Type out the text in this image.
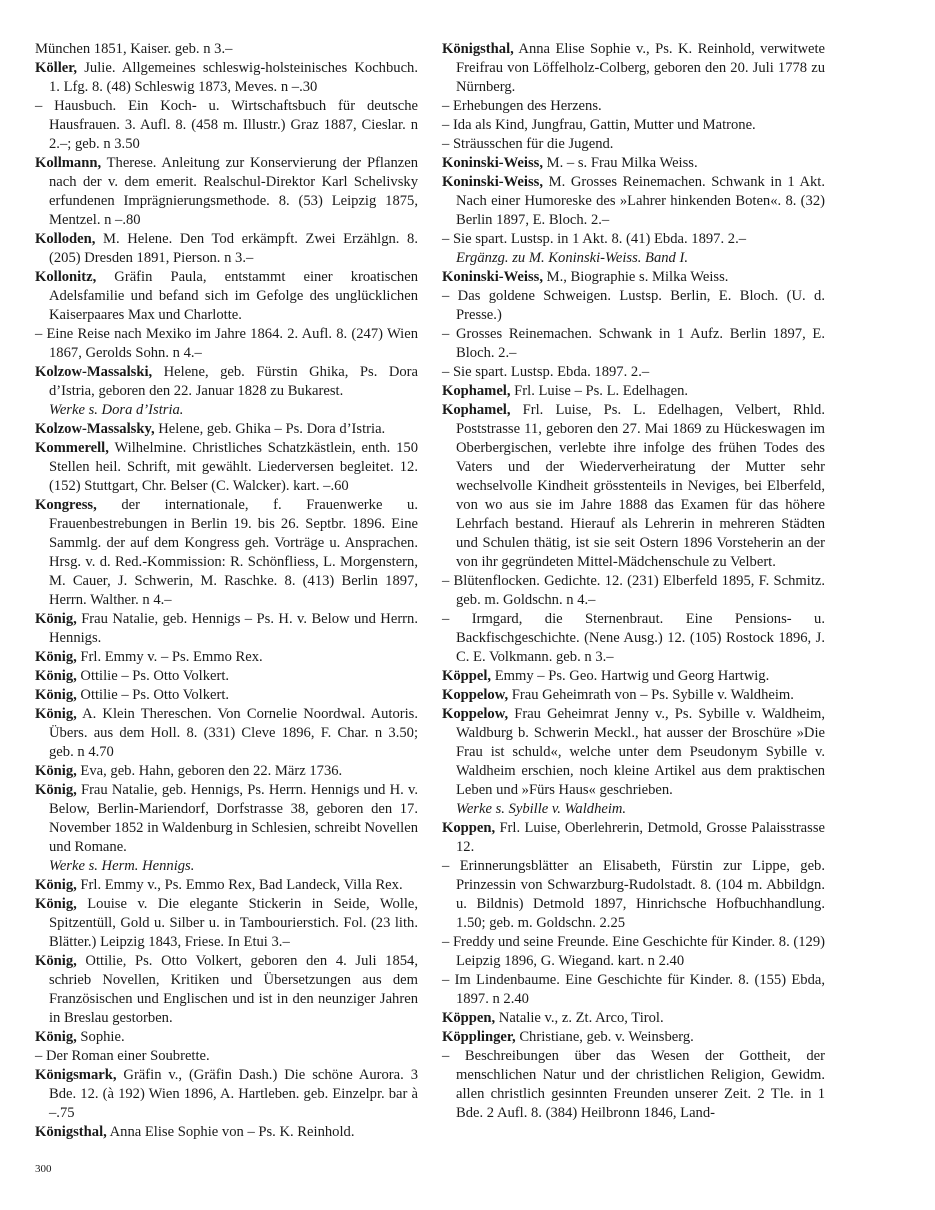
München 1851, Kaiser. geb. n 3.–

Köller, Julie. Allgemeines schleswig-holsteinisches Kochbuch. 1. Lfg. 8. (48) Schleswig 1873, Meves. n –.30

– Hausbuch. Ein Koch- u. Wirtschaftsbuch für deutsche Hausfrauen. 3. Aufl. 8. (458 m. Illustr.) Graz 1887, Cieslar. n 2.–; geb. n 3.50

Kollmann, Therese. Anleitung zur Konservierung der Pflanzen nach der v. dem emerit. Realschul-Direktor Karl Schelivsky erfundenen Imprägnierungsmethode. 8. (53) Leipzig 1875, Mentzel. n –.80

Kolloden, M. Helene. Den Tod erkämpft. Zwei Erzählgn. 8. (205) Dresden 1891, Pierson. n 3.–

Kollonitz, Gräfin Paula, entstammt einer kroatischen Adelsfamilie und befand sich im Gefolge des unglücklichen Kaiserpaares Max und Charlotte.

– Eine Reise nach Mexiko im Jahre 1864. 2. Aufl. 8. (247) Wien 1867, Gerolds Sohn. n 4.–

Kolzow-Massalski, Helene, geb. Fürstin Ghika, Ps. Dora d’Istria, geboren den 22. Januar 1828 zu Bukarest.

Werke s. Dora d’Istria.

Kolzow-Massalsky, Helene, geb. Ghika – Ps. Dora d’Istria.

Kommerell, Wilhelmine. Christliches Schatzkästlein, enth. 150 Stellen heil. Schrift, mit gewählt. Liederversen begleitet. 12. (152) Stuttgart, Chr. Belser (C. Walcker). kart. –.60

Kongress, der internationale, f. Frauenwerke u. Frauenbestrebungen in Berlin 19. bis 26. Septbr. 1896. Eine Sammlg. der auf dem Kongress geh. Vorträge u. Ansprachen. Hrsg. v. d. Red.-Kommission: R. Schönfliess, L. Morgenstern, M. Cauer, J. Schwerin, M. Raschke. 8. (413) Berlin 1897, Herrn. Walther. n 4.–

König, Frau Natalie, geb. Hennigs – Ps. H. v. Below und Herrn. Hennigs.

König, Frl. Emmy v. – Ps. Emmo Rex.

König, Ottilie – Ps. Otto Volkert.

König, Ottilie – Ps. Otto Volkert.

König, A. Klein Thereschen. Von Cornelie Noordwal. Autoris. Übers. aus dem Holl. 8. (331) Cleve 1896, F. Char. n 3.50; geb. n 4.70

König, Eva, geb. Hahn, geboren den 22. März 1736.

König, Frau Natalie, geb. Hennigs, Ps. Herrn. Hennigs und H. v. Below, Berlin-Mariendorf, Dorfstrasse 38, geboren den 17. November 1852 in Waldenburg in Schlesien, schreibt Novellen und Romane.

Werke s. Herm. Hennigs.

König, Frl. Emmy v., Ps. Emmo Rex, Bad Landeck, Villa Rex.

König, Louise v. Die elegante Stickerin in Seide, Wolle, Spitzentüll, Gold u. Silber u. in Tambourierstich. Fol. (23 lith. Blätter.) Leipzig 1843, Friese. In Etui 3.–

König, Ottilie, Ps. Otto Volkert, geboren den 4. Juli 1854, schrieb Novellen, Kritiken und Übersetzungen aus dem Französischen und Englischen und ist in den neunziger Jahren in Breslau gestorben.

König, Sophie.

– Der Roman einer Soubrette.

Königsmark, Gräfin v., (Gräfin Dash.) Die schöne Aurora. 3 Bde. 12. (à 192) Wien 1896, A. Hartleben. geb. Einzelpr. bar à –.75

Königsthal, Anna Elise Sophie von – Ps. K. Reinhold.

Königsthal, Anna Elise Sophie v., Ps. K. Reinhold, verwitwete Freifrau von Löffelholz-Colberg, geboren den 20. Juli 1778 zu Nürnberg.

– Erhebungen des Herzens.

– Ida als Kind, Jungfrau, Gattin, Mutter und Matrone.

– Sträusschen für die Jugend.

Koninski-Weiss, M. – s. Frau Milka Weiss.

Koninski-Weiss, M. Grosses Reinemachen. Schwank in 1 Akt. Nach einer Humoreske des »Lahrer hinkenden Boten«. 8. (32) Berlin 1897, E. Bloch. 2.–

– Sie spart. Lustsp. in 1 Akt. 8. (41) Ebda. 1897. 2.–

Ergänzg. zu M. Koninski-Weiss. Band I.

Koninski-Weiss, M., Biographie s. Milka Weiss.

– Das goldene Schweigen. Lustsp. Berlin, E. Bloch. (U. d. Presse.)

– Grosses Reinemachen. Schwank in 1 Aufz. Berlin 1897, E. Bloch. 2.–

– Sie spart. Lustsp. Ebda. 1897. 2.–

Kophamel, Frl. Luise – Ps. L. Edelhagen.

Kophamel, Frl. Luise, Ps. L. Edelhagen, Velbert, Rhld. Poststrasse 11, geboren den 27. Mai 1869 zu Hückeswagen im Oberbergischen, verlebte ihre infolge des frühen Todes des Vaters und der Wiederverheiratung der Mutter sehr wechselvolle Kindheit grösstenteils in Neviges, bei Elberfeld, von wo aus sie im Jahre 1888 das Examen für das höhere Lehrfach bestand. Hierauf als Lehrerin in mehreren Städten und Schulen thätig, ist sie seit Ostern 1896 Vorsteherin an der von ihr gegründeten Mittel-Mädchenschule zu Velbert.

– Blütenflocken. Gedichte. 12. (231) Elberfeld 1895, F. Schmitz. geb. m. Goldschn. n 4.–

– Irmgard, die Sternenbraut. Eine Pensions- u. Backfischgeschichte. (Nene Ausg.) 12. (105) Rostock 1896, J. C. E. Volkmann. geb. n 3.–

Köppel, Emmy – Ps. Geo. Hartwig und Georg Hartwig.

Koppelow, Frau Geheimrath von – Ps. Sybille v. Waldheim.

Koppelow, Frau Geheimrat Jenny v., Ps. Sybille v. Waldheim, Waldburg b. Schwerin Meckl., hat ausser der Broschüre »Die Frau ist schuld«, welche unter dem Pseudonym Sybille v. Waldheim erschien, noch kleine Artikel aus dem praktischen Leben und »Fürs Haus« geschrieben.

Werke s. Sybille v. Waldheim.

Koppen, Frl. Luise, Oberlehrerin, Detmold, Grosse Palaisstrasse 12.

– Erinnerungsblätter an Elisabeth, Fürstin zur Lippe, geb. Prinzessin von Schwarzburg-Rudolstadt. 8. (104 m. Abbildgn. u. Bildnis) Detmold 1897, Hinrichsche Hofbuchhandlung. 1.50; geb. m. Goldschn. 2.25

– Freddy und seine Freunde. Eine Geschichte für Kinder. 8. (129) Leipzig 1896, G. Wiegand. kart. n 2.40

– Im Lindenbaume. Eine Geschichte für Kinder. 8. (155) Ebda, 1897. n 2.40

Köppen, Natalie v., z. Zt. Arco, Tirol.

Köpplinger, Christiane, geb. v. Weinsberg.

– Beschreibungen über das Wesen der Gottheit, der menschlichen Natur und der christlichen Religion, Gewidm. allen christlich gesinnten Freunden unserer Zeit. 2 Tle. in 1 Bde. 2 Aufl. 8. (384) Heilbronn 1846, Land-

300
